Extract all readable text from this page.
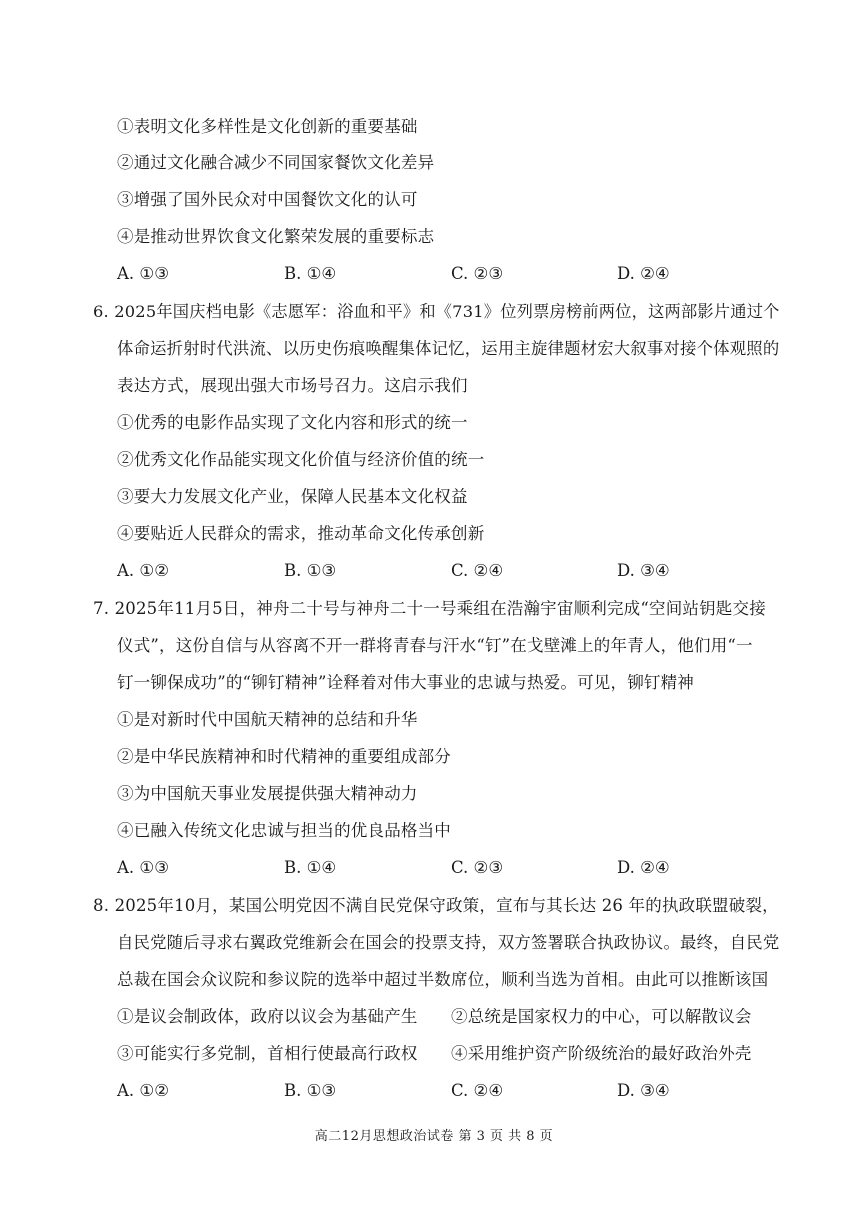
①表明文化多样性是文化创新的重要基础
②通过文化融合减少不同国家餐饮文化差异
③增强了国外民众对中国餐饮文化的认可
④是推动世界饮食文化繁荣发展的重要标志
A. ①③	B. ①④	C. ②③	D. ②④
6. 2025年国庆档电影《志愿军：浴血和平》和《731》位列票房榜前两位，这两部影片通过个
体命运折射时代洪流、以历史伤痕唤醒集体记忆，运用主旋律题材宏大叙事对接个体观照的
表达方式，展现出强大市场号召力。这启示我们
①优秀的电影作品实现了文化内容和形式的统一
②优秀文化作品能实现文化价值与经济价值的统一
③要大力发展文化产业，保障人民基本文化权益
④要贴近人民群众的需求，推动革命文化传承创新
A. ①②	B. ①③	C. ②④	D. ③④
7. 2025年11月5日，神舟二十号与神舟二十一号乘组在浩瀚宇宙顺利完成“空间站钥匙交接
仪式”，这份自信与从容离不开一群将青春与汗水“钉”在戈壁滩上的年青人，他们用“一
钉一铆保成功”的“铆钉精神”诠释着对伟大事业的忠诚与热爱。可见，铆钉精神
①是对新时代中国航天精神的总结和升华
②是中华民族精神和时代精神的重要组成部分
③为中国航天事业发展提供强大精神动力
④已融入传统文化忠诚与担当的优良品格当中
A. ①③	B. ①④	C. ②③	D. ②④
8. 2025年10月，某国公明党因不满自民党保守政策，宣布与其长达 26 年的执政联盟破裂，
自民党随后寻求右翼政党维新会在国会的投票支持，双方签署联合执政协议。最终，自民党
总裁在国会众议院和参议院的选举中超过半数席位，顺利当选为首相。由此可以推断该国
①是议会制政体，政府以议会为基础产生 ②总统是国家权力的中心，可以解散议会
③可能实行多党制，首相行使最高行政权 ④采用维护资产阶级统治的最好政治外壳
A. ①②	B. ①③	C. ②④	D. ③④
高二12月思想政治试卷 第 3 页 共 8 页
